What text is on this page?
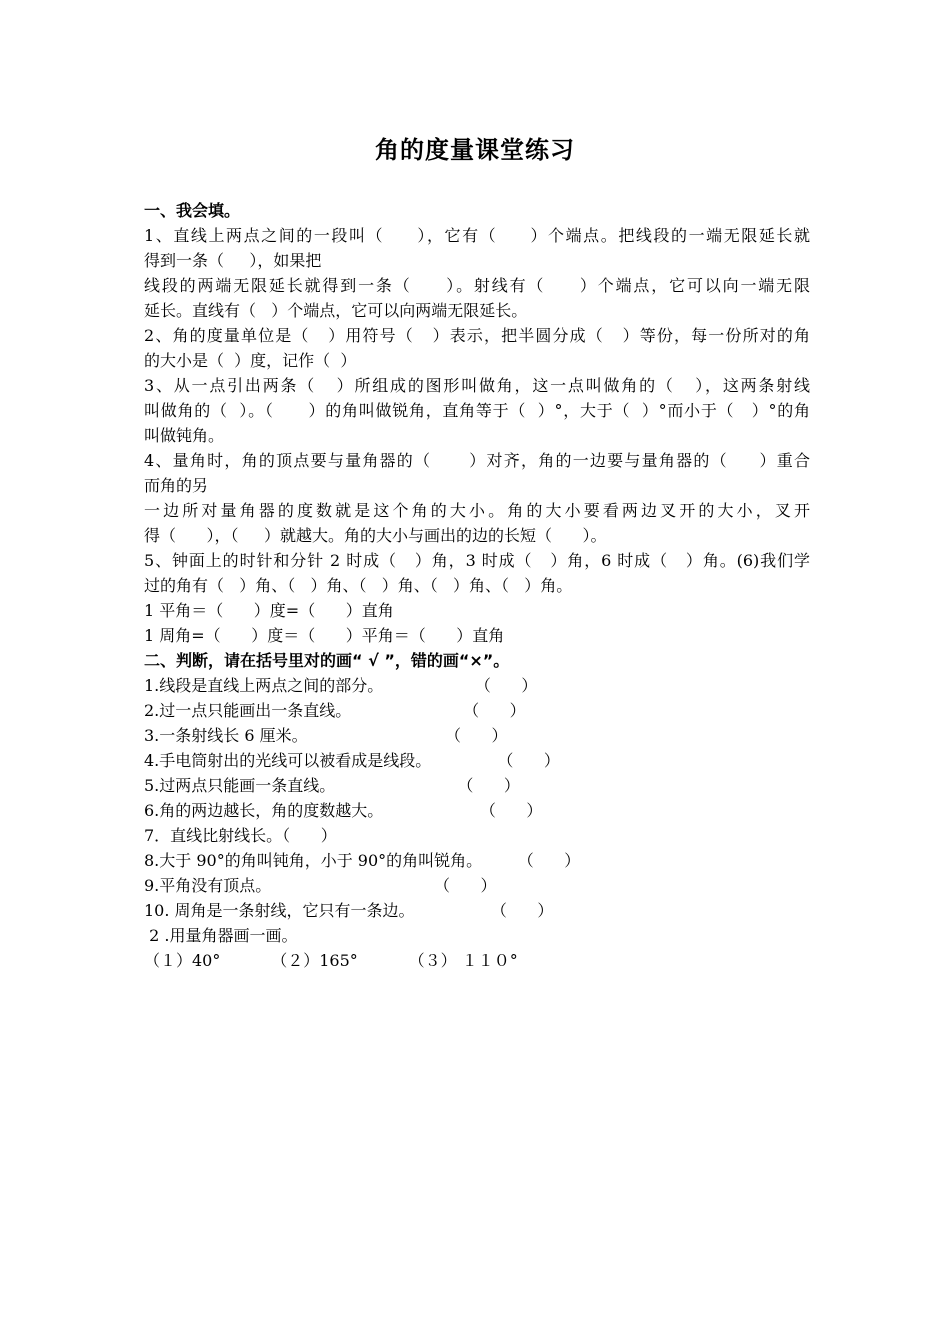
角的度量课堂练习
一、我会填。
1、直线上两点之间的一段叫（     ），它有（     ）个端点。把线段的一端无限延长就
得到一条（     ），如果把
线段的两端无限延长就得到一条（     ）。射线有（     ）个端点，它可以向一端无限
延长。直线有（   ）个端点，它可以向两端无限延长。
2、角的度量单位是（   ）用符号（   ）表示，把半圆分成（   ）等份，每一份所对的角
的大小是（  ）度，记作（  ）
3、从一点引出两条（   ）所组成的图形叫做角，这一点叫做角的（   ），这两条射线
叫做角的（  ）。（      ）的角叫做锐角，直角等于（  ）°，大于（  ）°而小于（   ）°的角
叫做钝角。
4、量角时，角的顶点要与量角器的（      ）对齐，角的一边要与量角器的（     ）重合
而角的另
一边所对量角器的度数就是这个角的大小。角的大小要看两边叉开的大小，叉开
得（      ），（     ）就越大。角的大小与画出的边的长短（      ）。
5、钟面上的时针和分针 2 时成（   ）角，3 时成（   ）角，6 时成（   ）角。(6)我们学
过的角有（   ）角、（   ）角、（   ）角、（   ）角、（   ）角。
1 平角＝（      ）度=（      ）直角
1 周角=（      ）度＝（      ）平角＝（      ）直角
二、判断，请在括号里对的画“ √ ”，错的画“×”。
1.线段是直线上两点之间的部分。                  （      ）
2.过一点只能画出一条直线。                      （      ）
3.一条射线长 6 厘米。                           （      ）
4.手电筒射出的光线可以被看成是线段。             （      ）
5.过两点只能画一条直线。                        （      ）
6.角的两边越长，角的度数越大。                   （      ）
7．直线比射线长。（      ）
8.大于 90°的角叫钝角，小于 90°的角叫锐角。       （      ）
9.平角没有顶点。                                （      ）
10. 周角是一条射线，它只有一条边。               （      ）
2 .用量角器画一画。
（１）40°          （２）165°          （３） １１０°
